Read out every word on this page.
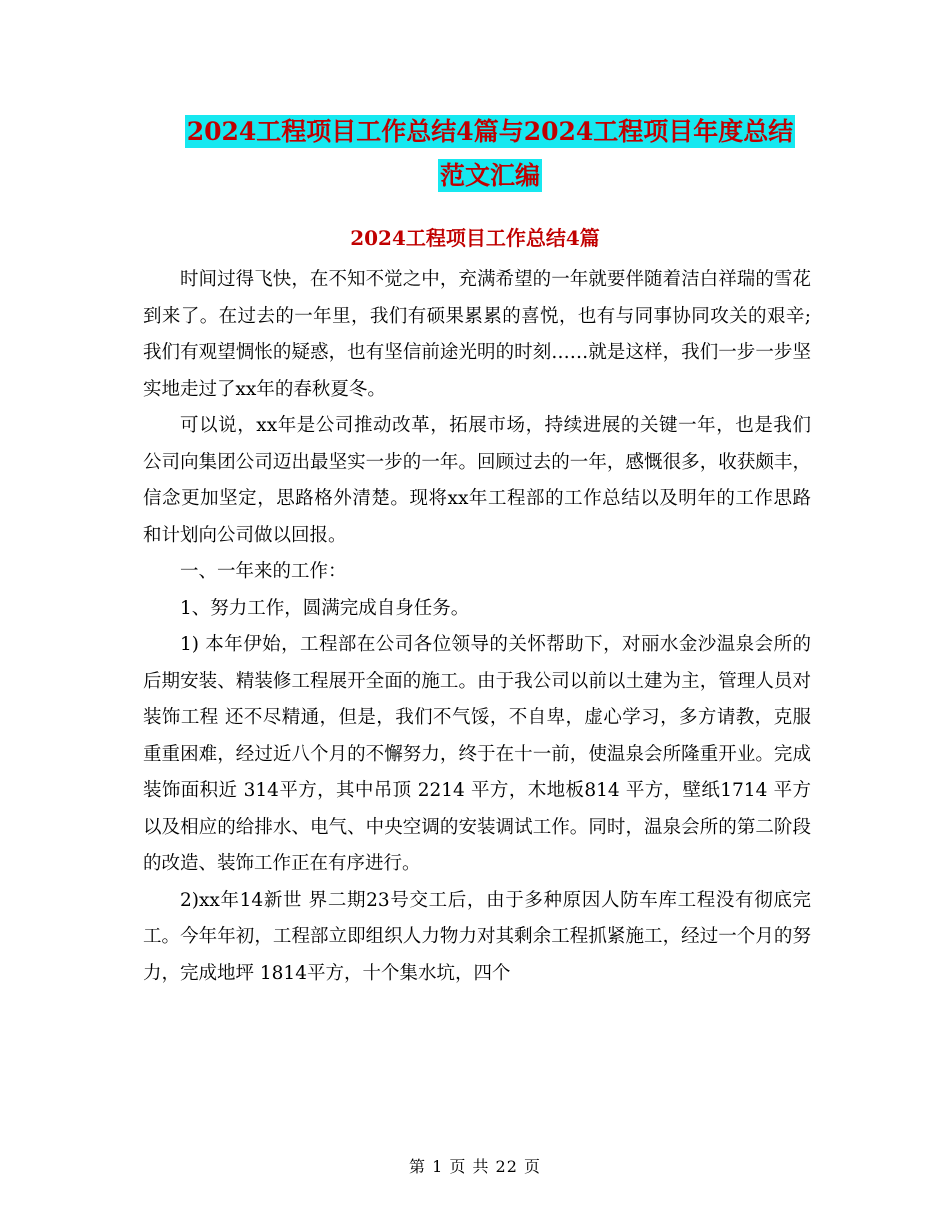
2024工程项目工作总结4篇与2024工程项目年度总结
范文汇编
2024工程项目工作总结4篇

时间过得飞快，在不知不觉之中，充满希望的一年就要伴随着洁白祥瑞的雪花到来了。在过去的一年里，我们有硕果累累的喜悦，也有与同事协同攻关的艰辛;我们有观望惆怅的疑惑，也有坚信前途光明的时刻……就是这样，我们一步一步坚实地走过了xx年的春秋夏冬。

可以说，xx年是公司推动改革，拓展市场，持续进展的关键一年，也是我们公司向集团公司迈出最坚实一步的一年。回顾过去的一年，感慨很多，收获颇丰，信念更加坚定，思路格外清楚。现将xx年工程部的工作总结以及明年的工作思路和计划向公司做以回报。

一、一年来的工作：

1、努力工作，圆满完成自身任务。

1) 本年伊始，工程部在公司各位领导的关怀帮助下，对丽水金沙温泉会所的后期安装、精装修工程展开全面的施工。由于我公司以前以土建为主，管理人员对装饰工程 还不尽精通，但是，我们不气馁，不自卑，虚心学习，多方请教，克服重重困难，经过近八个月的不懈努力，终于在十一前，使温泉会所隆重开业。完成装饰面积近 314平方，其中吊顶 2214 平方，木地板814 平方，壁纸1714 平方以及相应的给排水、电气、中央空调的安装调试工作。同时，温泉会所的第二阶段的改造、装饰工作正在有序进行。

2)xx年14新世 界二期23号交工后，由于多种原因人防车库工程没有彻底完工。今年年初，工程部立即组织人力物力对其剩余工程抓紧施工，经过一个月的努力，完成地坪 1814平方，十个集水坑，四个

第 1 页 共 22 页
